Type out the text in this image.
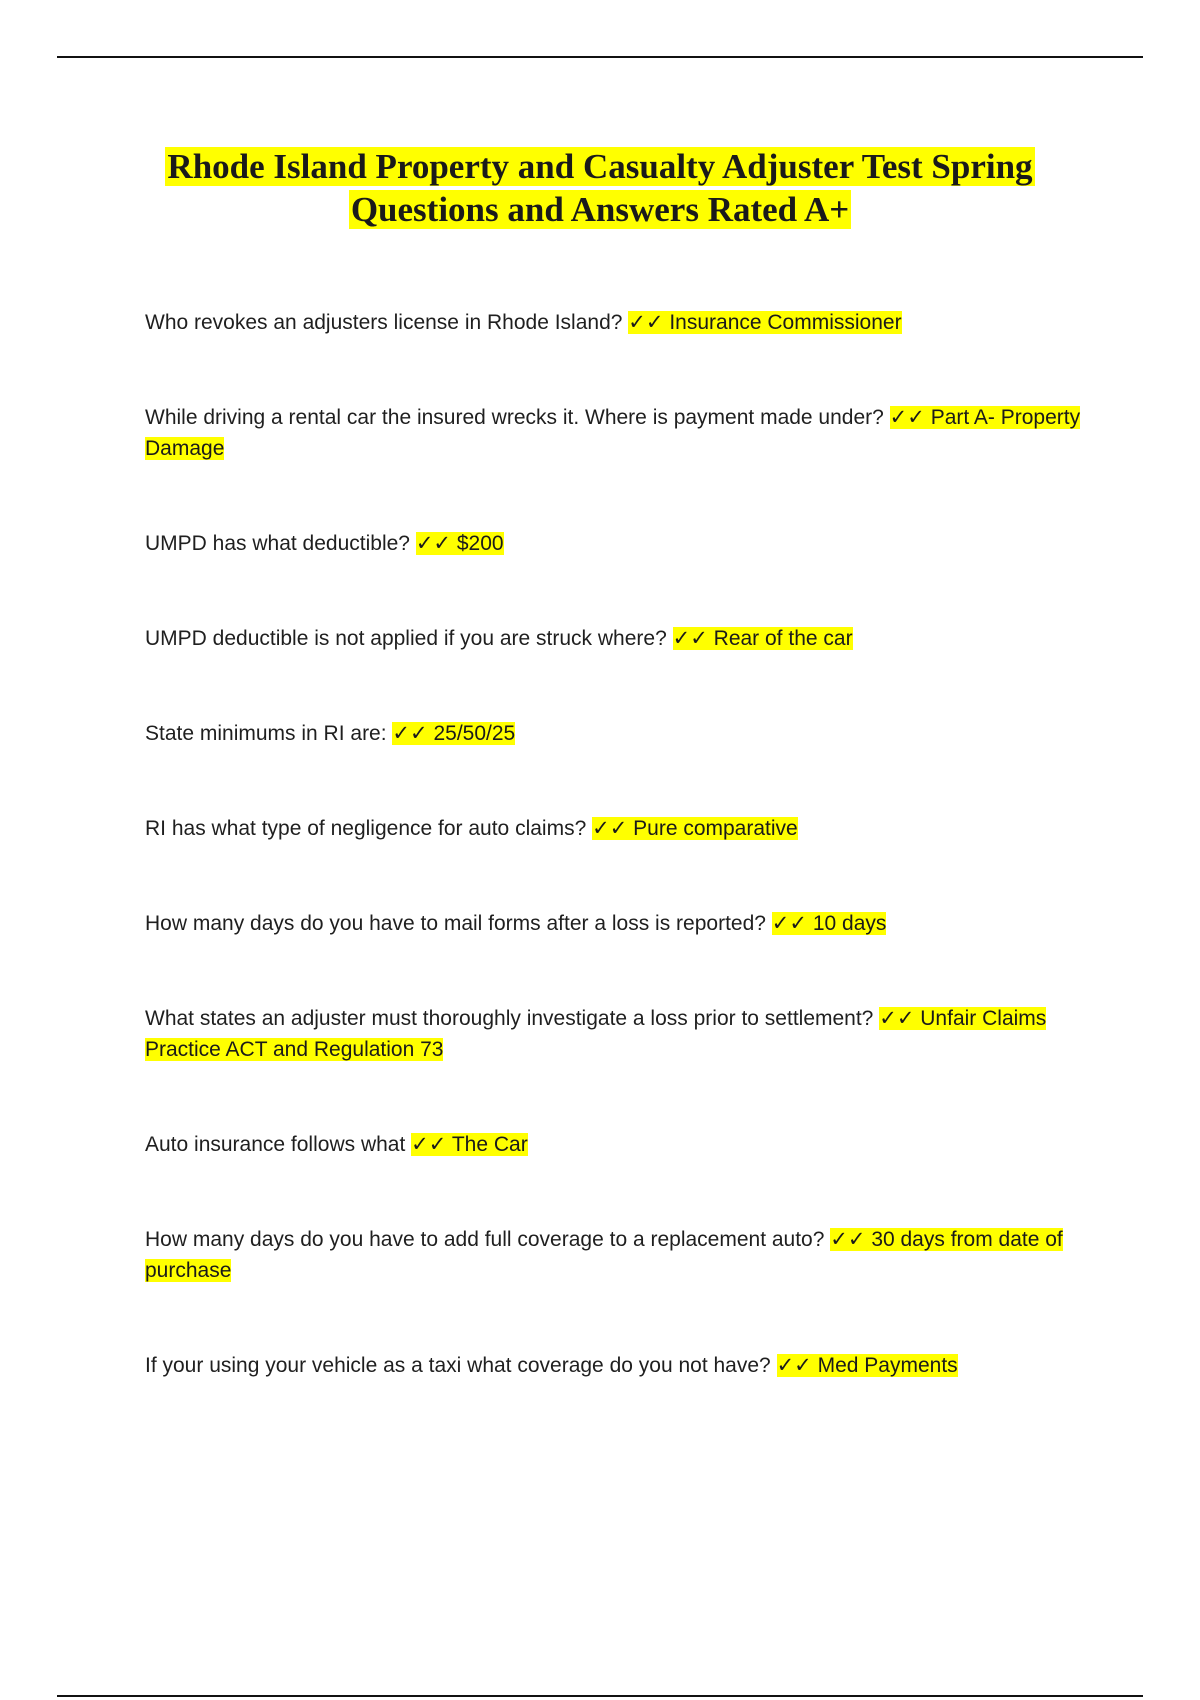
Rhode Island Property and Casualty Adjuster Test Spring
Questions and Answers Rated A+
Who revokes an adjusters license in Rhode Island? ✓✓ Insurance Commissioner
While driving a rental car the insured wrecks it. Where is payment made under? ✓✓ Part A- Property Damage
UMPD has what deductible? ✓✓ $200
UMPD deductible is not applied if you are struck where? ✓✓ Rear of the car
State minimums in RI are: ✓✓ 25/50/25
RI has what type of negligence for auto claims? ✓✓ Pure comparative
How many days do you have to mail forms after a loss is reported? ✓✓ 10 days
What states an adjuster must thoroughly investigate a loss prior to settlement? ✓✓ Unfair Claims Practice ACT and Regulation 73
Auto insurance follows what ✓✓ The Car
How many days do you have to add full coverage to a replacement auto? ✓✓ 30 days from date of purchase
If your using your vehicle as a taxi what coverage do you not have? ✓✓ Med Payments
